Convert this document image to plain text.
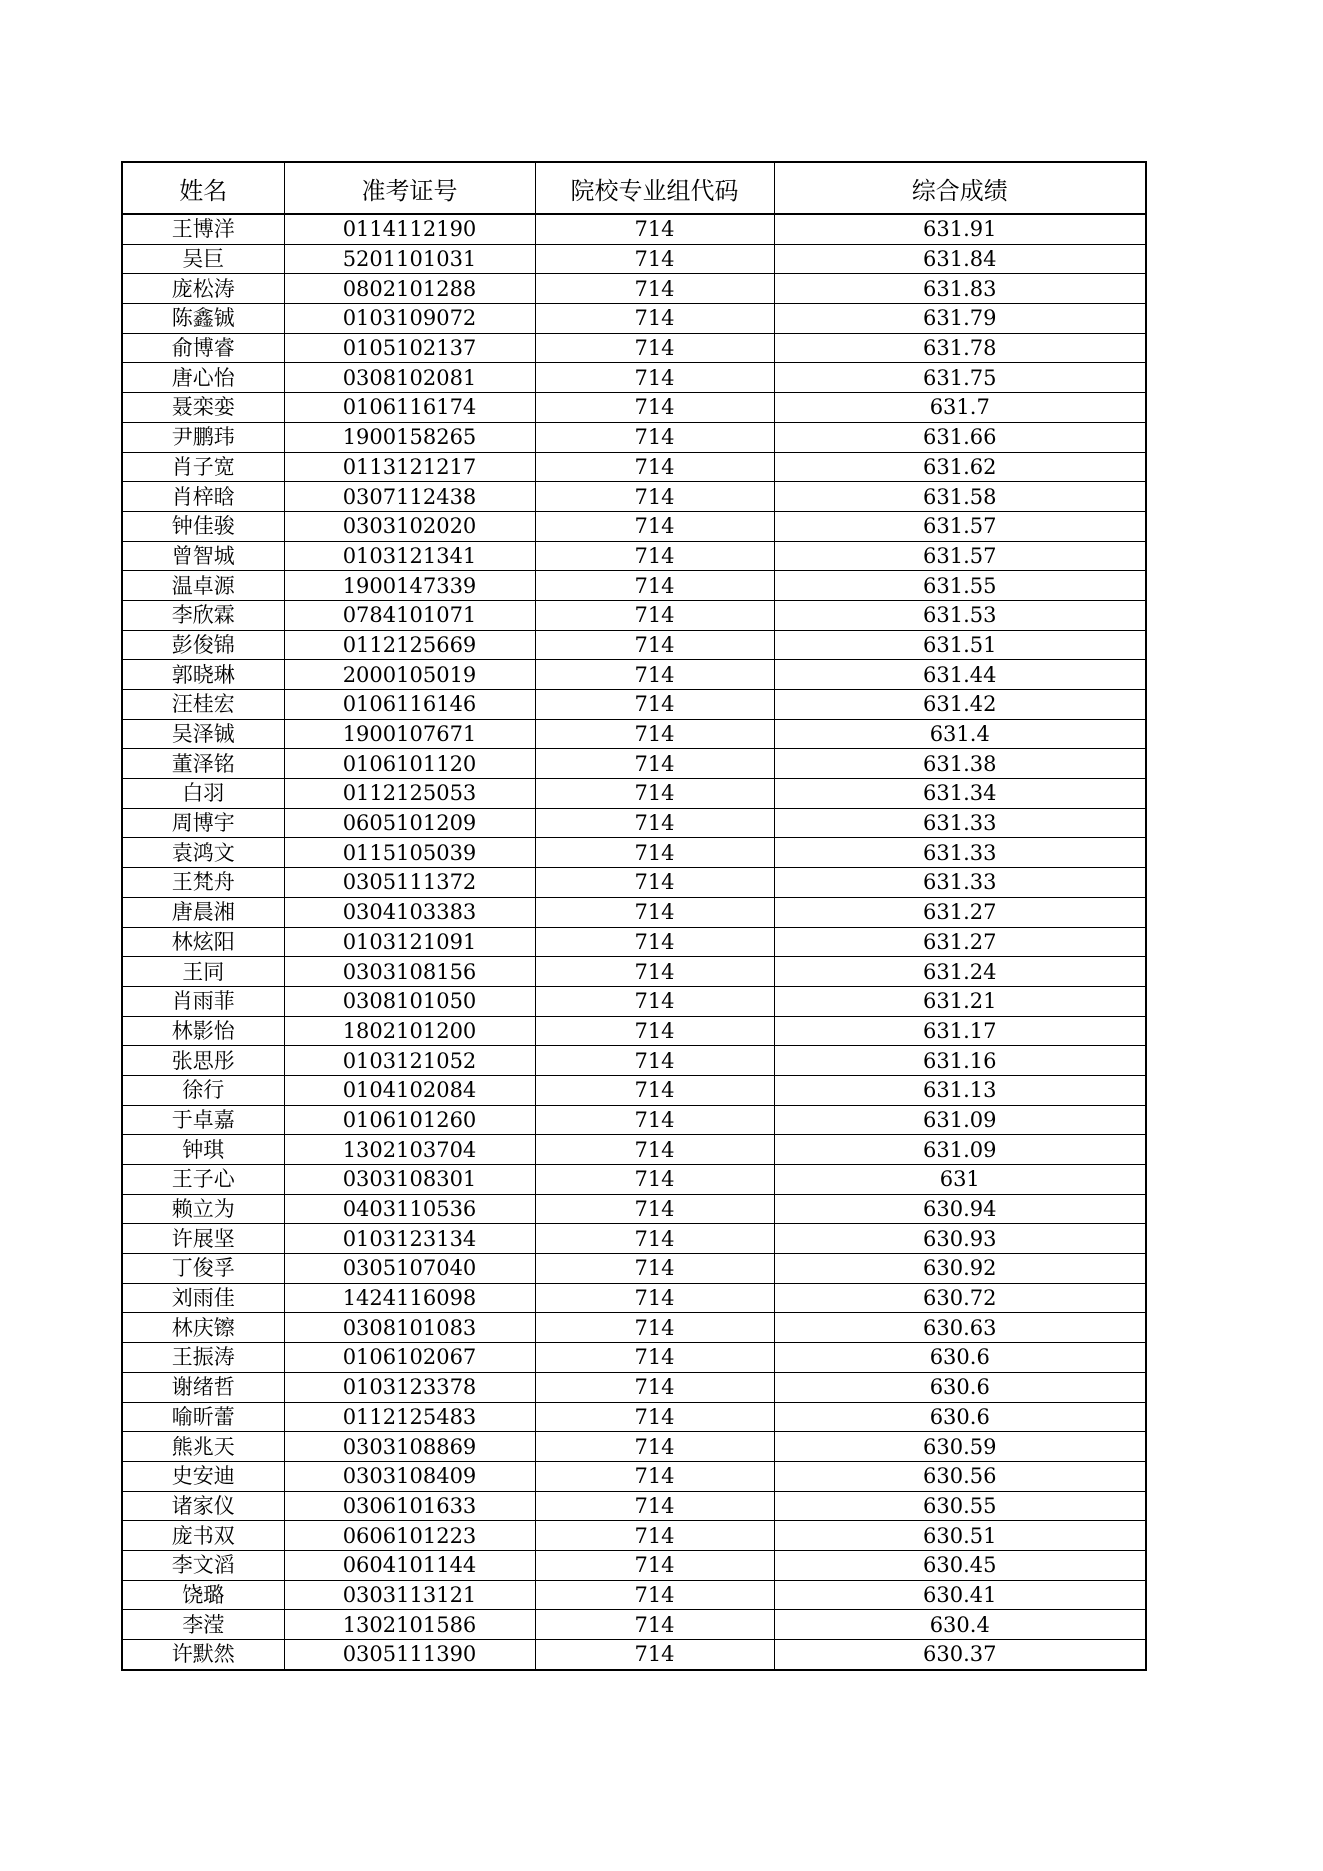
姓名	准考证号	院校专业组代码	综合成绩
王博洋	0114112190	714	631.91
吴巨	5201101031	714	631.84
庞松涛	0802101288	714	631.83
陈鑫铖	0103109072	714	631.79
俞博睿	0105102137	714	631.78
唐心怡	0308102081	714	631.75
聂栾娈	0106116174	714	631.7
尹鹏玮	1900158265	714	631.66
肖子宽	0113121217	714	631.62
肖梓晗	0307112438	714	631.58
钟佳骏	0303102020	714	631.57
曾智城	0103121341	714	631.57
温卓源	1900147339	714	631.55
李欣霖	0784101071	714	631.53
彭俊锦	0112125669	714	631.51
郭晓琳	2000105019	714	631.44
汪桂宏	0106116146	714	631.42
吴泽铖	1900107671	714	631.4
董泽铭	0106101120	714	631.38
白羽	0112125053	714	631.34
周博宇	0605101209	714	631.33
袁鸿文	0115105039	714	631.33
王梵舟	0305111372	714	631.33
唐晨湘	0304103383	714	631.27
林炫阳	0103121091	714	631.27
王同	0303108156	714	631.24
肖雨菲	0308101050	714	631.21
林影怡	1802101200	714	631.17
张思彤	0103121052	714	631.16
徐行	0104102084	714	631.13
于卓嘉	0106101260	714	631.09
钟琪	1302103704	714	631.09
王子心	0303108301	714	631
赖立为	0403110536	714	630.94
许展坚	0103123134	714	630.93
丁俊孚	0305107040	714	630.92
刘雨佳	1424116098	714	630.72
林庆镲	0308101083	714	630.63
王振涛	0106102067	714	630.6
谢绪哲	0103123378	714	630.6
喻昕蕾	0112125483	714	630.6
熊兆天	0303108869	714	630.59
史安迪	0303108409	714	630.56
诸家仪	0306101633	714	630.55
庞书双	0606101223	714	630.51
李文滔	0604101144	714	630.45
饶璐	0303113121	714	630.41
李滢	1302101586	714	630.4
许默然	0305111390	714	630.37
